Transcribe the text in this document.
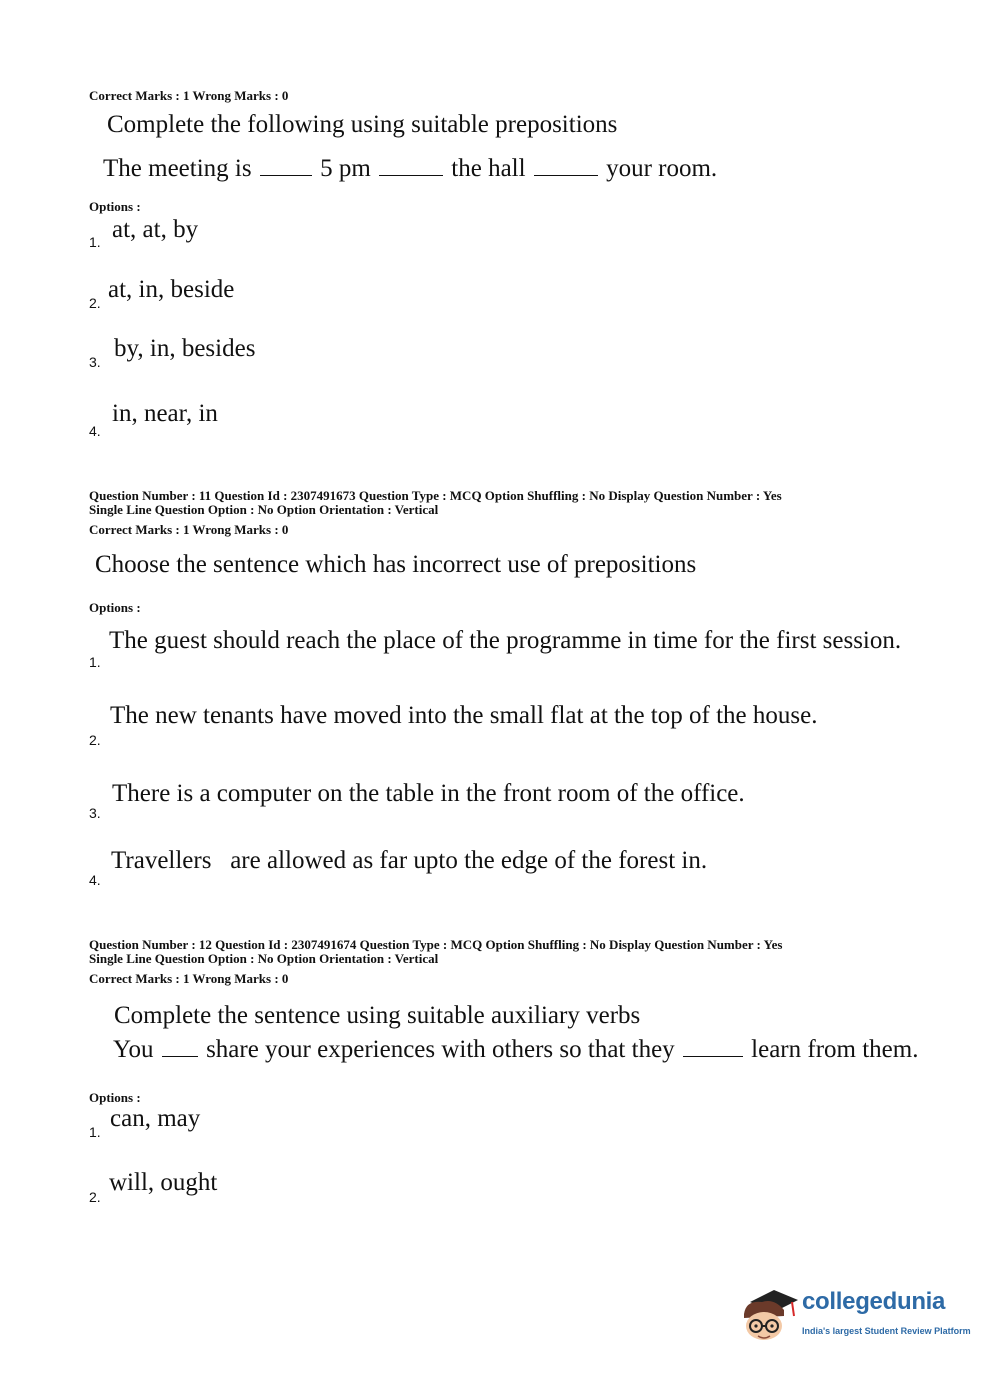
Correct Marks : 1 Wrong Marks : 0
Complete the following using suitable prepositions
The meeting is	5 pm	the hall	your room.
Options :
1. at, at, by
2. at, in, beside
3. by, in, besides
4.
in, near, in
Question Number : 11 Question Id : 2307491673 Question Type : MCQ Option Shuffling : No Display Question Number : Yes
Single Line Question Option : No Option Orientation : Vertical
Correct Marks : 1 Wrong Marks : 0
Choose the sentence which has incorrect use of prepositions
Options :
1.
The guest should reach the place of the programme in time for the first session.
2.
The new tenants have moved into the small flat at the top of the house.
3.
There is a computer on the table in the front room of the office.
4.
Travellers   are allowed as far upto the edge of the forest in.
Question Number : 12 Question Id : 2307491674 Question Type : MCQ Option Shuffling : No Display Question Number : Yes
Single Line Question Option : No Option Orientation : Vertical
Correct Marks : 1 Wrong Marks : 0
Complete the sentence using suitable auxiliary verbs
You share your experiences with others so that they	learn from them.
Options :
1. can, may
2.
will, ought
collegedunia
India's largest Student Review Platform
